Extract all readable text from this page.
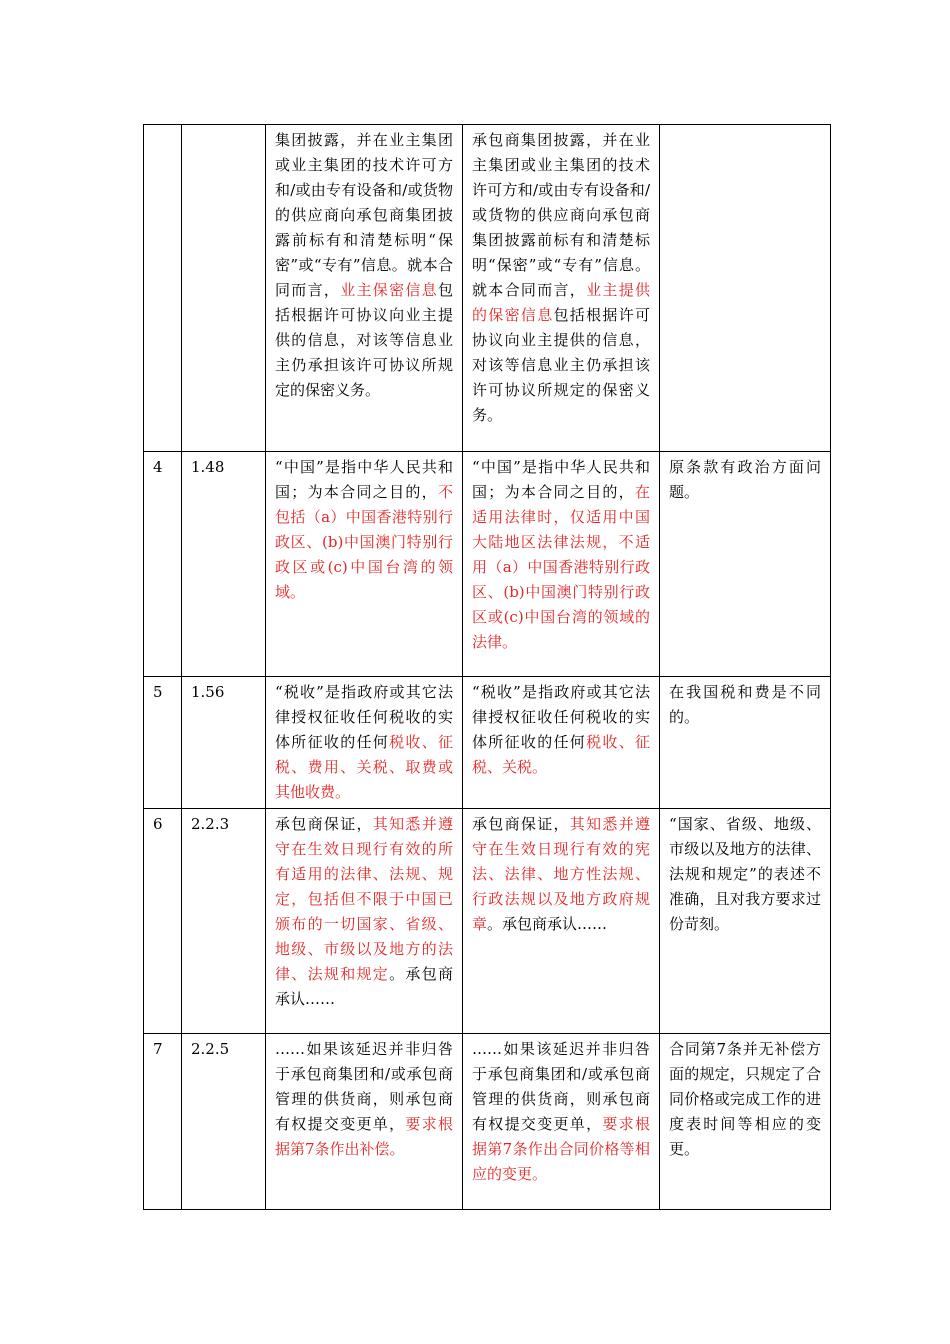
		集团披露，并在业主集团或业主集团的技术许可方和/或由专有设备和/或货物的供应商向承包商集团披露前标有和清楚标明“保密”或“专有”信息。就本合同而言，业主保密信息包括根据许可协议向业主提供的信息，对该等信息业主仍承担该许可协议所规定的保密义务。	承包商集团披露，并在业主集团或业主集团的技术许可方和/或由专有设备和/或货物的供应商向承包商集团披露前标有和清楚标明“保密”或“专有”信息。就本合同而言，业主提供的保密信息包括根据许可协议向业主提供的信息，对该等信息业主仍承担该许可协议所规定的保密义务。	
4	1.48	“中国”是指中华人民共和国；为本合同之目的，不包括（a）中国香港特别行政区、(b)中国澳门特别行政区或(c)中国台湾的领域。	“中国”是指中华人民共和国；为本合同之目的，在适用法律时，仅适用中国大陆地区法律法规，不适用（a）中国香港特别行政区、(b)中国澳门特别行政区或(c)中国台湾的领域的法律。	原条款有政治方面问题。
5	1.56	“税收”是指政府或其它法律授权征收任何税收的实体所征收的任何税收、征税、费用、关税、取费或其他收费。	“税收”是指政府或其它法律授权征收任何税收的实体所征收的任何税收、征税、关税。	在我国税和费是不同的。
6	2.2.3	承包商保证，其知悉并遵守在生效日现行有效的所有适用的法律、法规、规定，包括但不限于中国已颁布的一切国家、省级、地级、市级以及地方的法律、法规和规定。承包商承认……	承包商保证，其知悉并遵守在生效日现行有效的宪法、法律、地方性法规、行政法规以及地方政府规章。承包商承认……	“国家、省级、地级、市级以及地方的法律、法规和规定”的表述不准确，且对我方要求过份苛刻。
7	2.2.5	……如果该延迟并非归咎于承包商集团和/或承包商管理的供货商，则承包商有权提交变更单，要求根据第7条作出补偿。	……如果该延迟并非归咎于承包商集团和/或承包商管理的供货商，则承包商有权提交变更单，要求根据第7条作出合同价格等相应的变更。	合同第7条并无补偿方面的规定，只规定了合同价格或完成工作的进度表时间等相应的变更。
